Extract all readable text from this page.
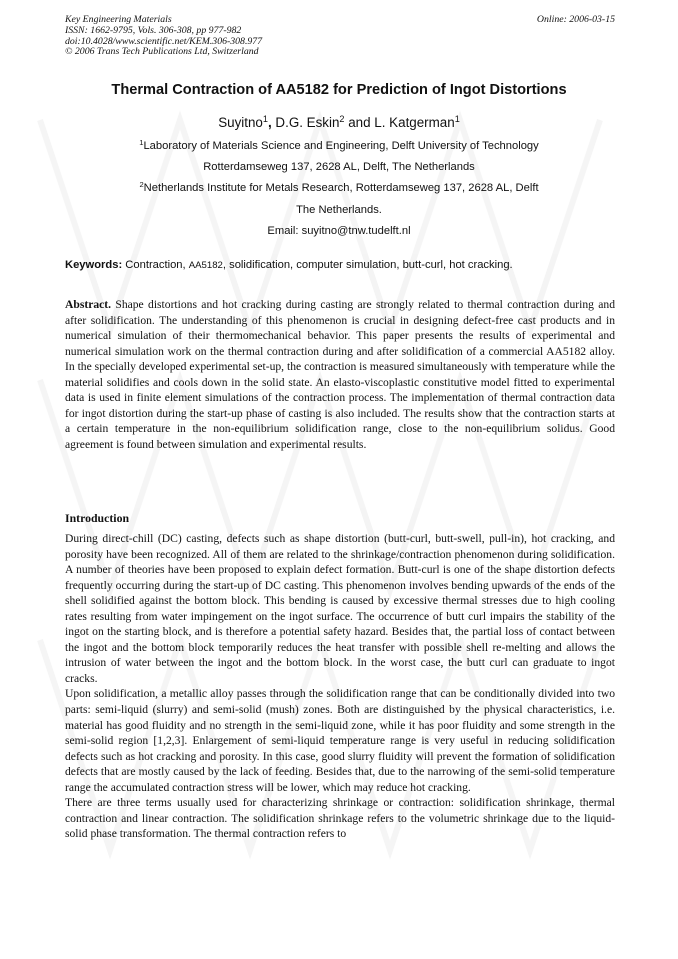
Key Engineering Materials
ISSN: 1662-9795, Vols. 306-308, pp 977-982
doi:10.4028/www.scientific.net/KEM.306-308.977
© 2006 Trans Tech Publications Ltd, Switzerland
Online: 2006-03-15
Thermal Contraction of AA5182 for Prediction of Ingot Distortions
Suyitno$^1$, D.G. Eskin$^2$ and L. Katgerman$^1$
$^1$Laboratory of Materials Science and Engineering, Delft University of Technology
Rotterdamseweg 137, 2628 AL, Delft, The Netherlands
$^2$Netherlands Institute for Metals Research, Rotterdamseweg 137, 2628 AL, Delft
The Netherlands.
Email: suyitno@tnw.tudelft.nl
Keywords: Contraction, AA5182, solidification, computer simulation, butt-curl, hot cracking.
Abstract. Shape distortions and hot cracking during casting are strongly related to thermal contraction during and after solidification. The understanding of this phenomenon is crucial in designing defect-free cast products and in numerical simulation of their thermomechanical behavior. This paper presents the results of experimental and numerical simulation work on the thermal contraction during and after solidification of a commercial AA5182 alloy. In the specially developed experimental set-up, the contraction is measured simultaneously with temperature while the material solidifies and cools down in the solid state. An elasto-viscoplastic constitutive model fitted to experimental data is used in finite element simulations of the contraction process. The implementation of thermal contraction data for ingot distortion during the start-up phase of casting is also included. The results show that the contraction starts at a certain temperature in the non-equilibrium solidification range, close to the non-equilibrium solidus. Good agreement is found between simulation and experimental results.
Introduction

During direct-chill (DC) casting, defects such as shape distortion (butt-curl, butt-swell, pull-in), hot cracking, and porosity have been recognized. All of them are related to the shrinkage/contraction phenomenon during solidification. A number of theories have been proposed to explain defect formation. Butt-curl is one of the shape distortion defects frequently occurring during the start-up of DC casting. This phenomenon involves bending upwards of the ends of the shell solidified against the bottom block. This bending is caused by excessive thermal stresses due to high cooling rates resulting from water impingement on the ingot surface. The occurrence of butt curl impairs the stability of the ingot on the starting block, and is therefore a potential safety hazard. Besides that, the partial loss of contact between the ingot and the bottom block temporarily reduces the heat transfer with possible shell re-melting and allows the intrusion of water between the ingot and the bottom block. In the worst case, the butt curl can graduate to ingot cracks.

Upon solidification, a metallic alloy passes through the solidification range that can be conditionally divided into two parts: semi-liquid (slurry) and semi-solid (mush) zones. Both are distinguished by the physical characteristics, i.e. material has good fluidity and no strength in the semi-liquid zone, while it has poor fluidity and some strength in the semi-solid region [1,2,3]. Enlargement of semi-liquid temperature range is very useful in reducing solidification defects such as hot cracking and porosity. In this case, good slurry fluidity will prevent the formation of solidification defects that are mostly caused by the lack of feeding. Besides that, due to the narrowing of the semi-solid temperature range the accumulated contraction stress will be lower, which may reduce hot cracking.

There are three terms usually used for characterizing shrinkage or contraction: solidification shrinkage, thermal contraction and linear contraction. The solidification shrinkage refers to the volumetric shrinkage due to the liquid-solid phase transformation. The thermal contraction refers to
